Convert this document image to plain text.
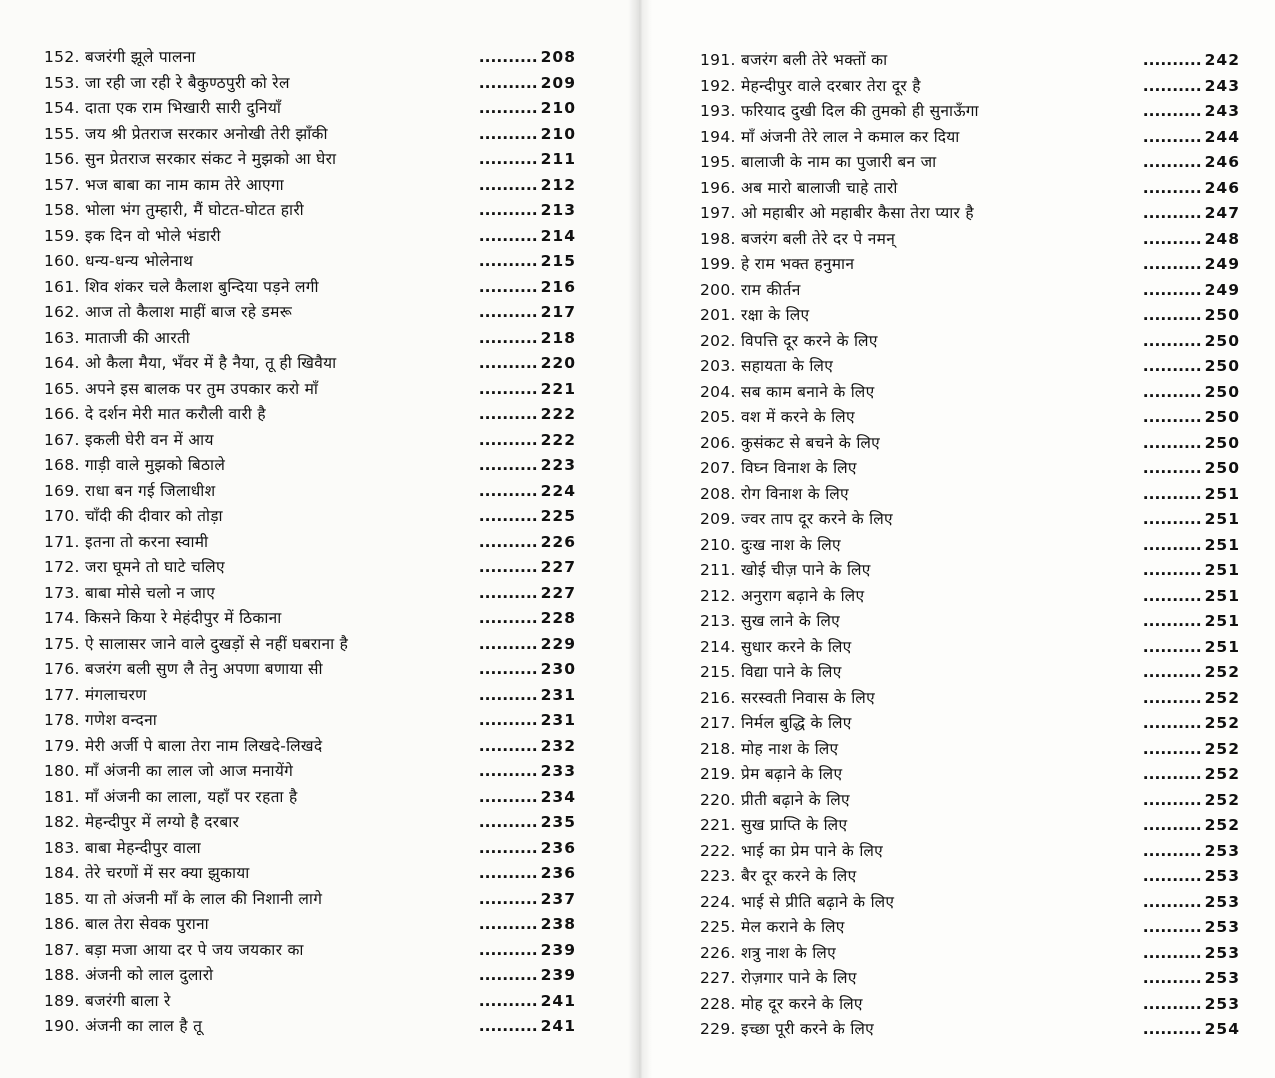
152. बजरंगी झूले पालना	.......... 208
153. जा रही जा रही रे बैकुण्ठपुरी को रेल	.......... 209
154. दाता एक राम भिखारी सारी दुनियाँ	.......... 210
155. जय श्री प्रेतराज सरकार अनोखी तेरी झाँकी	.......... 210
156. सुन प्रेतराज सरकार संकट ने मुझको आ घेरा	.......... 211
157. भज बाबा का नाम काम तेरे आएगा	.......... 212
158. भोला भंग तुम्हारी, मैं घोटत-घोटत हारी	.......... 213
159. इक दिन वो भोले भंडारी	.......... 214
160. धन्य-धन्य भोलेनाथ	.......... 215
161. शिव शंकर चले कैलाश बुन्दिया पड़ने लगी	.......... 216
162. आज तो कैलाश माहीं बाज रहे डमरू	.......... 217
163. माताजी की आरती	.......... 218
164. ओ कैला मैया, भँवर में है नैया, तू ही खिवैया	.......... 220
165. अपने इस बालक पर तुम उपकार करो माँ	.......... 221
166. दे दर्शन मेरी मात करौली वारी है	.......... 222
167. इकली घेरी वन में आय	.......... 222
168. गाड़ी वाले मुझको बिठाले	.......... 223
169. राधा बन गई जिलाधीश	.......... 224
170. चाँदी की दीवार को तोड़ा	.......... 225
171. इतना तो करना स्वामी	.......... 226
172. जरा घूमने तो घाटे चलिए	.......... 227
173. बाबा मोसे चलो न जाए	.......... 227
174. किसने किया रे मेहंदीपुर में ठिकाना	.......... 228
175. ऐ सालासर जाने वाले दुखड़ों से नहीं घबराना है	.......... 229
176. बजरंग बली सुण लै तेनु अपणा बणाया सी	.......... 230
177. मंगलाचरण	.......... 231
178. गणेश वन्दना	.......... 231
179. मेरी अर्जी पे बाला तेरा नाम लिखदे-लिखदे	.......... 232
180. माँ अंजनी का लाल जो आज मनायेंगे	.......... 233
181. माँ अंजनी का लाला, यहाँ पर रहता है	.......... 234
182. मेहन्दीपुर में लग्यो है दरबार	.......... 235
183. बाबा मेहन्दीपुर वाला	.......... 236
184. तेरे चरणों में सर क्या झुकाया	.......... 236
185. या तो अंजनी माँ के लाल की निशानी लागे	.......... 237
186. बाल तेरा सेवक पुराना	.......... 238
187. बड़ा मजा आया दर पे जय जयकार का	.......... 239
188. अंजनी को लाल दुलारो	.......... 239
189. बजरंगी बाला रे	.......... 241
190. अंजनी का लाल है तू	.......... 241
191. बजरंग बली तेरे भक्तों का	.......... 242
192. मेहन्दीपुर वाले दरबार तेरा दूर है	.......... 243
193. फरियाद दुखी दिल की तुमको ही सुनाऊँगा	.......... 243
194. माँ अंजनी तेरे लाल ने कमाल कर दिया	.......... 244
195. बालाजी के नाम का पुजारी बन जा	.......... 246
196. अब मारो बालाजी चाहे तारो	.......... 246
197. ओ महाबीर ओ महाबीर कैसा तेरा प्यार है	.......... 247
198. बजरंग बली तेरे दर पे नमन्	.......... 248
199. हे राम भक्त हनुमान	.......... 249
200. राम कीर्तन	.......... 249
201. रक्षा के लिए	.......... 250
202. विपत्ति दूर करने के लिए	.......... 250
203. सहायता के लिए	.......... 250
204. सब काम बनाने के लिए	.......... 250
205. वश में करने के लिए	.......... 250
206. कुसंकट से बचने के लिए	.......... 250
207. विघ्न विनाश के लिए	.......... 250
208. रोग विनाश के लिए	.......... 251
209. ज्वर ताप दूर करने के लिए	.......... 251
210. दुःख नाश के लिए	.......... 251
211. खोई चीज़ पाने के लिए	.......... 251
212. अनुराग बढ़ाने के लिए	.......... 251
213. सुख लाने के लिए	.......... 251
214. सुधार करने के लिए	.......... 251
215. विद्या पाने के लिए	.......... 252
216. सरस्वती निवास के लिए	.......... 252
217. निर्मल बुद्धि के लिए	.......... 252
218. मोह नाश के लिए	.......... 252
219. प्रेम बढ़ाने के लिए	.......... 252
220. प्रीती बढ़ाने के लिए	.......... 252
221. सुख प्राप्ति के लिए	.......... 252
222. भाई का प्रेम पाने के लिए	.......... 253
223. बैर दूर करने के लिए	.......... 253
224. भाई से प्रीति बढ़ाने के लिए	.......... 253
225. मेल कराने के लिए	.......... 253
226. शत्रु नाश के लिए	.......... 253
227. रोज़गार पाने के लिए	.......... 253
228. मोह दूर करने के लिए	.......... 253
229. इच्छा पूरी करने के लिए	.......... 254
